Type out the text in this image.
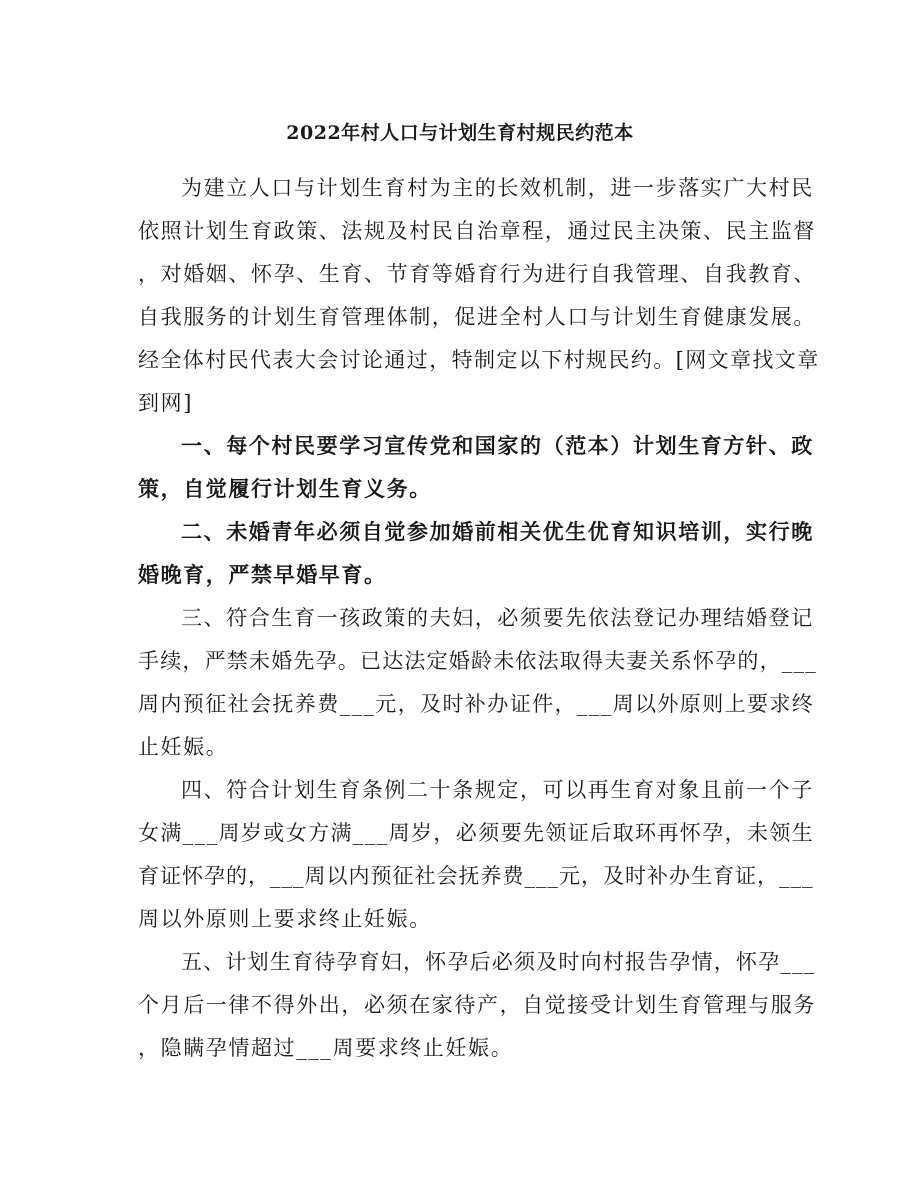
2022年村人口与计划生育村规民约范本
为建立人口与计划生育村为主的长效机制，进一步落实广大村民
依照计划生育政策、法规及村民自治章程，通过民主决策、民主监督
，对婚姻、怀孕、生育、节育等婚育行为进行自我管理、自我教育、
自我服务的计划生育管理体制，促进全村人口与计划生育健康发展。
经全体村民代表大会讨论通过，特制定以下村规民约。[网文章找文章
到网]
一、每个村民要学习宣传党和国家的（范本）计划生育方针、政
策，自觉履行计划生育义务。
二、未婚青年必须自觉参加婚前相关优生优育知识培训，实行晚
婚晚育，严禁早婚早育。
三、符合生育一孩政策的夫妇，必须要先依法登记办理结婚登记
手续，严禁未婚先孕。已达法定婚龄未依法取得夫妻关系怀孕的，___
周内预征社会抚养费___元，及时补办证件，___周以外原则上要求终
止妊娠。
四、符合计划生育条例二十条规定，可以再生育对象且前一个子
女满___周岁或女方满___周岁，必须要先领证后取环再怀孕，未领生
育证怀孕的，___周以内预征社会抚养费___元，及时补办生育证，___
周以外原则上要求终止妊娠。
五、计划生育待孕育妇，怀孕后必须及时向村报告孕情，怀孕___
个月后一律不得外出，必须在家待产，自觉接受计划生育管理与服务
，隐瞒孕情超过___周要求终止妊娠。
